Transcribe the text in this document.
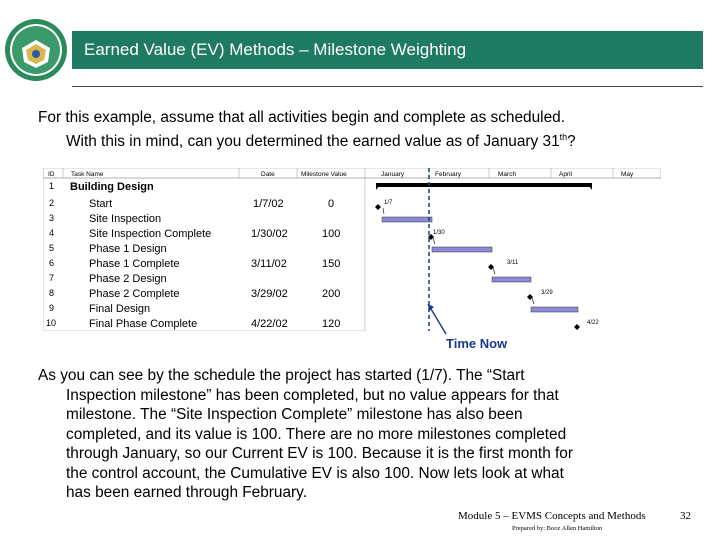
Earned Value (EV) Methods – Milestone Weighting
For this example, assume that all activities begin and complete as scheduled.
With this in mind, can you determined the earned value as of January 31th?
ID	Task Name	Date	Milestone Value	January	February	March	April	May
1 Building Design
2	Start	1/7/02	0
3	Site Inspection
4	Site Inspection Complete	1/30/02	100
5	Phase 1 Design
6	Phase 1 Complete	3/11/02	150
7	Phase 2 Design
8	Phase 2 Complete	3/29/02	200
9	Final Design
10	Final Phase Complete	4/22/02	120
1/7
1/30
3/11
3/29
4/22
Time Now
As you can see by the schedule the project has started (1/7). The “Start
Inspection milestone” has been completed, but no value appears for that
milestone. The “Site Inspection Complete” milestone has also been
completed, and its value is 100. There are no more milestones completed
through January, so our Current EV is 100. Because it is the first month for
the control account, the Cumulative EV is also 100. Now lets look at what
has been earned through February.
Module 5 – EVMS Concepts and Methods
Prepared by: Booz Allen Hamilton
32
